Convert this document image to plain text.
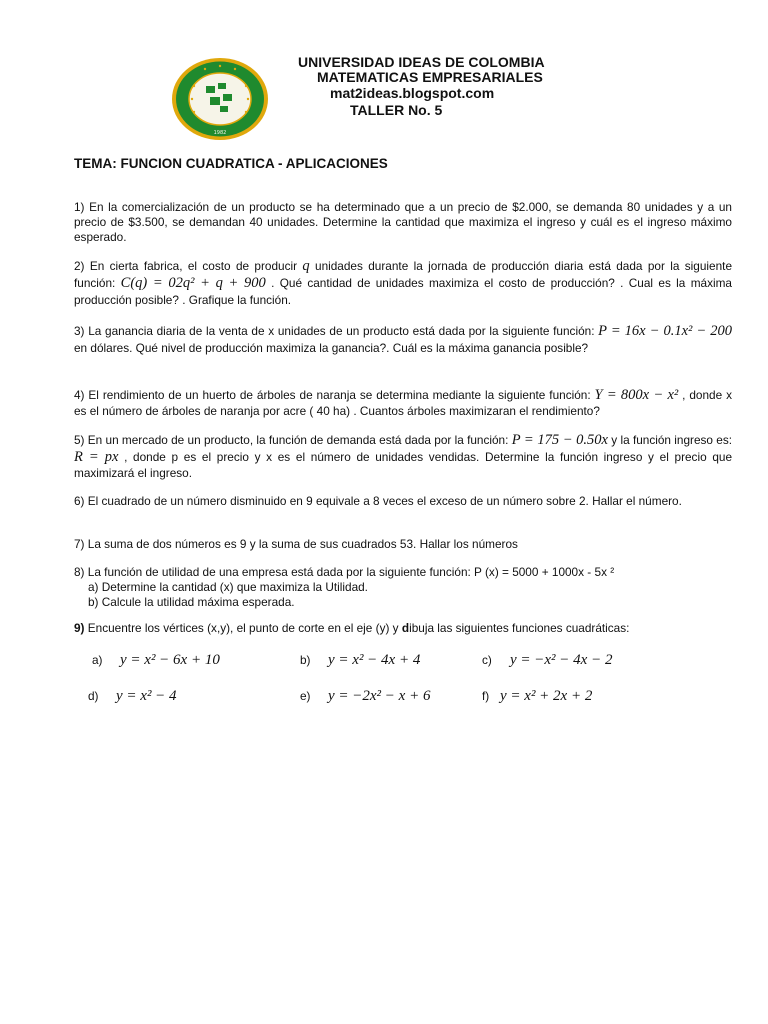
1982
UNIVERSIDAD IDEAS DE COLOMBIA
MATEMATICAS EMPRESARIALES
mat2ideas.blogspot.com
TALLER No. 5
TEMA: FUNCION CUADRATICA - APLICACIONES

1) En la comercialización de un producto se ha determinado que a un precio de $2.000, se demanda 80 unidades y a un precio de $3.500, se demandan 40 unidades. Determine la cantidad que maximiza el ingreso y cuál es el ingreso máximo esperado.

2) En cierta fabrica, el costo de producir q unidades durante la jornada de producción diaria está dada por la siguiente función: C(q) = 02q² + q + 900 . Qué cantidad de unidades maximiza el costo de producción? . Cual es la máxima producción posible? . Grafique la función.

3) La ganancia diaria de la venta de x unidades de un producto está dada por la siguiente función: P = 16x − 0.1x² − 200 en dólares. Qué nivel de producción maximiza la ganancia?. Cuál es la máxima ganancia posible?

4) El rendimiento de un huerto de árboles de naranja se determina mediante la siguiente función: Y = 800x − x² , donde x es el número de árboles de naranja por acre ( 40 ha) . Cuantos árboles maximizaran el rendimiento?

5) En un mercado de un producto, la función de demanda está dada por la función: P = 175 − 0.50x y la función ingreso es: R = px , donde p es el precio y x es el número de unidades vendidas. Determine la función ingreso y el precio que maximizará el ingreso.

6) El cuadrado de un número disminuido en 9 equivale a 8 veces el exceso de un número sobre 2. Hallar el número.

7) La suma de dos números es 9 y la suma de sus cuadrados 53. Hallar los números

8) La función de utilidad de una empresa está dada por la siguiente función: P (x) = 5000 + 1000x - 5x ²

a) Determine la cantidad (x) que maximiza la Utilidad.
b) Calcule la utilidad máxima esperada.

9) Encuentre los vértices (x,y), el punto de corte en el eje (y) y dibuja las siguientes funciones cuadráticas:

a) y = x² − 6x + 10	b) y = x² − 4x + 4	c) y = −x² − 4x − 2
d) y = x² − 4	e) y = −2x² − x + 6	f) y = x² + 2x + 2
